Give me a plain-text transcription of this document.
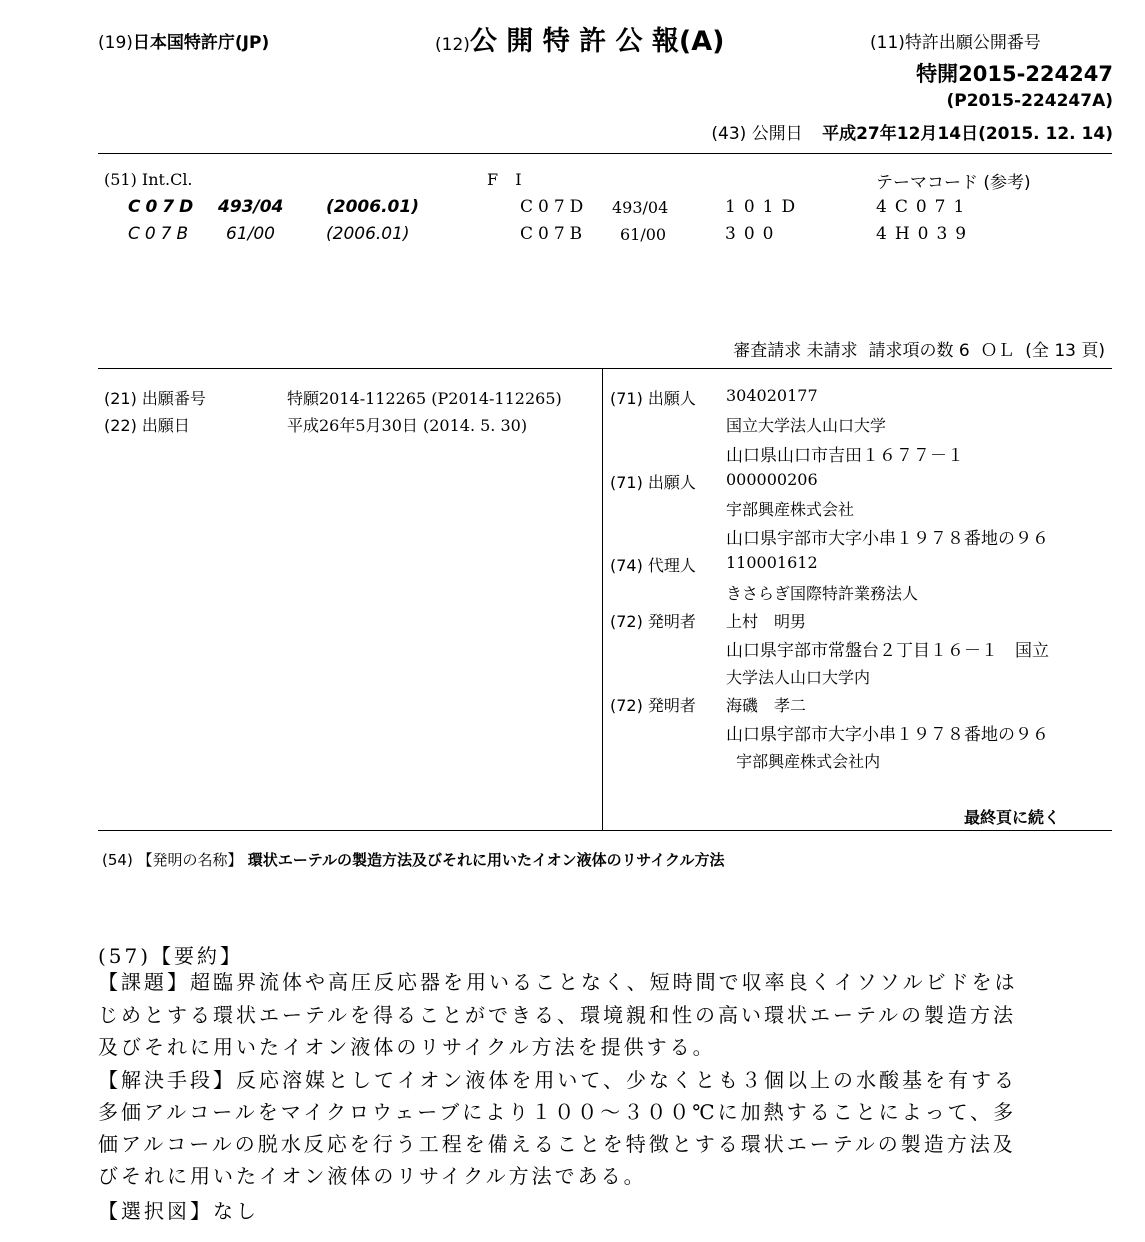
(19)日本国特許庁(JP)	(12)公 開 特 許 公 報(A)	(11)特許出願公開番号
特開2015-224247
(P2015-224247A)
(43) 公開日 平成27年12月14日(2015. 12. 14)
(51) Int.Cl.	F I	テーマコード (参考)
C07D 493/04	(2006.01)	C07D 493/04	101D	4C071
C07B 61/00	(2006.01)	C07B 61/00	300	4H039
審査請求 未請求  請求項の数 6  ＯＬ  (全 13 頁)
(21) 出願番号	特願2014-112265 (P2014-112265)
(22) 出願日	平成26年5月30日 (2014. 5. 30)
(71) 出願人 304020177
国立大学法人山口大学
山口県山口市吉田１６７７－１
(71) 出願人 000000206
宇部興産株式会社
山口県宇部市大字小串１９７８番地の９６
(74) 代理人 110001612
きさらぎ国際特許業務法人
(72) 発明者 上村　明男
山口県宇部市常盤台２丁目１６－１　国立
大学法人山口大学内
(72) 発明者 海磯　孝二
山口県宇部市大字小串１９７８番地の９６
宇部興産株式会社内
最終頁に続く
(54) 【発明の名称】 環状エーテルの製造方法及びそれに用いたイオン液体のリサイクル方法
(57)【要約】
【課題】超臨界流体や高圧反応器を用いることなく、短時間で収率良くイソソルビドをは
じめとする環状エーテルを得ることができる、環境親和性の高い環状エーテルの製造方法
及びそれに用いたイオン液体のリサイクル方法を提供する。
【解決手段】反応溶媒としてイオン液体を用いて、少なくとも３個以上の水酸基を有する
多価アルコールをマイクロウェーブにより１００～３００℃に加熱することによって、多
価アルコールの脱水反応を行う工程を備えることを特徴とする環状エーテルの製造方法及
びそれに用いたイオン液体のリサイクル方法である。
【選択図】なし
